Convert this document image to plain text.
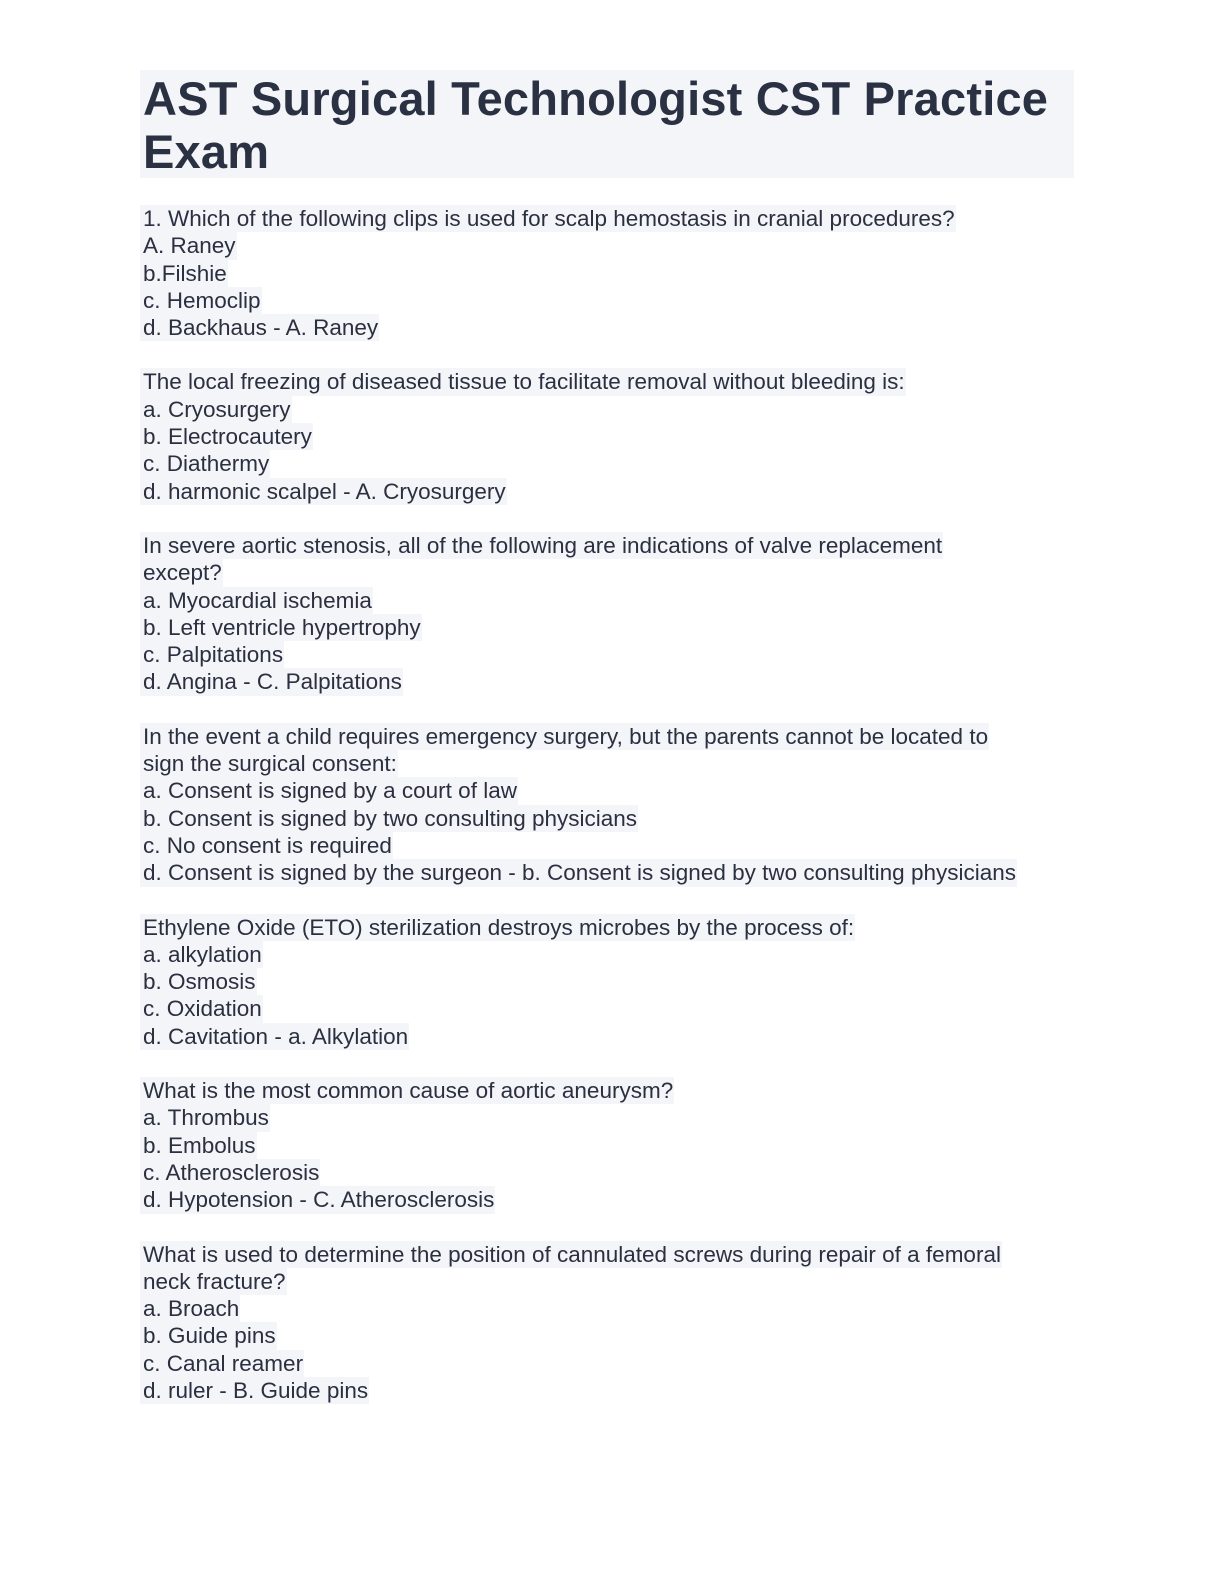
AST Surgical Technologist CST Practice
Exam
1. Which of the following clips is used for scalp hemostasis in cranial procedures?
A. Raney
b.Filshie
c. Hemoclip
d. Backhaus - A. Raney
The local freezing of diseased tissue to facilitate removal without bleeding is:
a. Cryosurgery
b. Electrocautery
c. Diathermy
d. harmonic scalpel - A. Cryosurgery
In severe aortic stenosis, all of the following are indications of valve replacement
except?
a. Myocardial ischemia
b. Left ventricle hypertrophy
c. Palpitations
d. Angina - C. Palpitations
In the event a child requires emergency surgery, but the parents cannot be located to
sign the surgical consent:
a. Consent is signed by a court of law
b. Consent is signed by two consulting physicians
c. No consent is required
d. Consent is signed by the surgeon - b. Consent is signed by two consulting physicians
Ethylene Oxide (ETO) sterilization destroys microbes by the process of:
a. alkylation
b. Osmosis
c. Oxidation
d. Cavitation - a. Alkylation
What is the most common cause of aortic aneurysm?
a. Thrombus
b. Embolus
c. Atherosclerosis
d. Hypotension - C. Atherosclerosis
What is used to determine the position of cannulated screws during repair of a femoral
neck fracture?
a. Broach
b. Guide pins
c. Canal reamer
d. ruler - B. Guide pins
